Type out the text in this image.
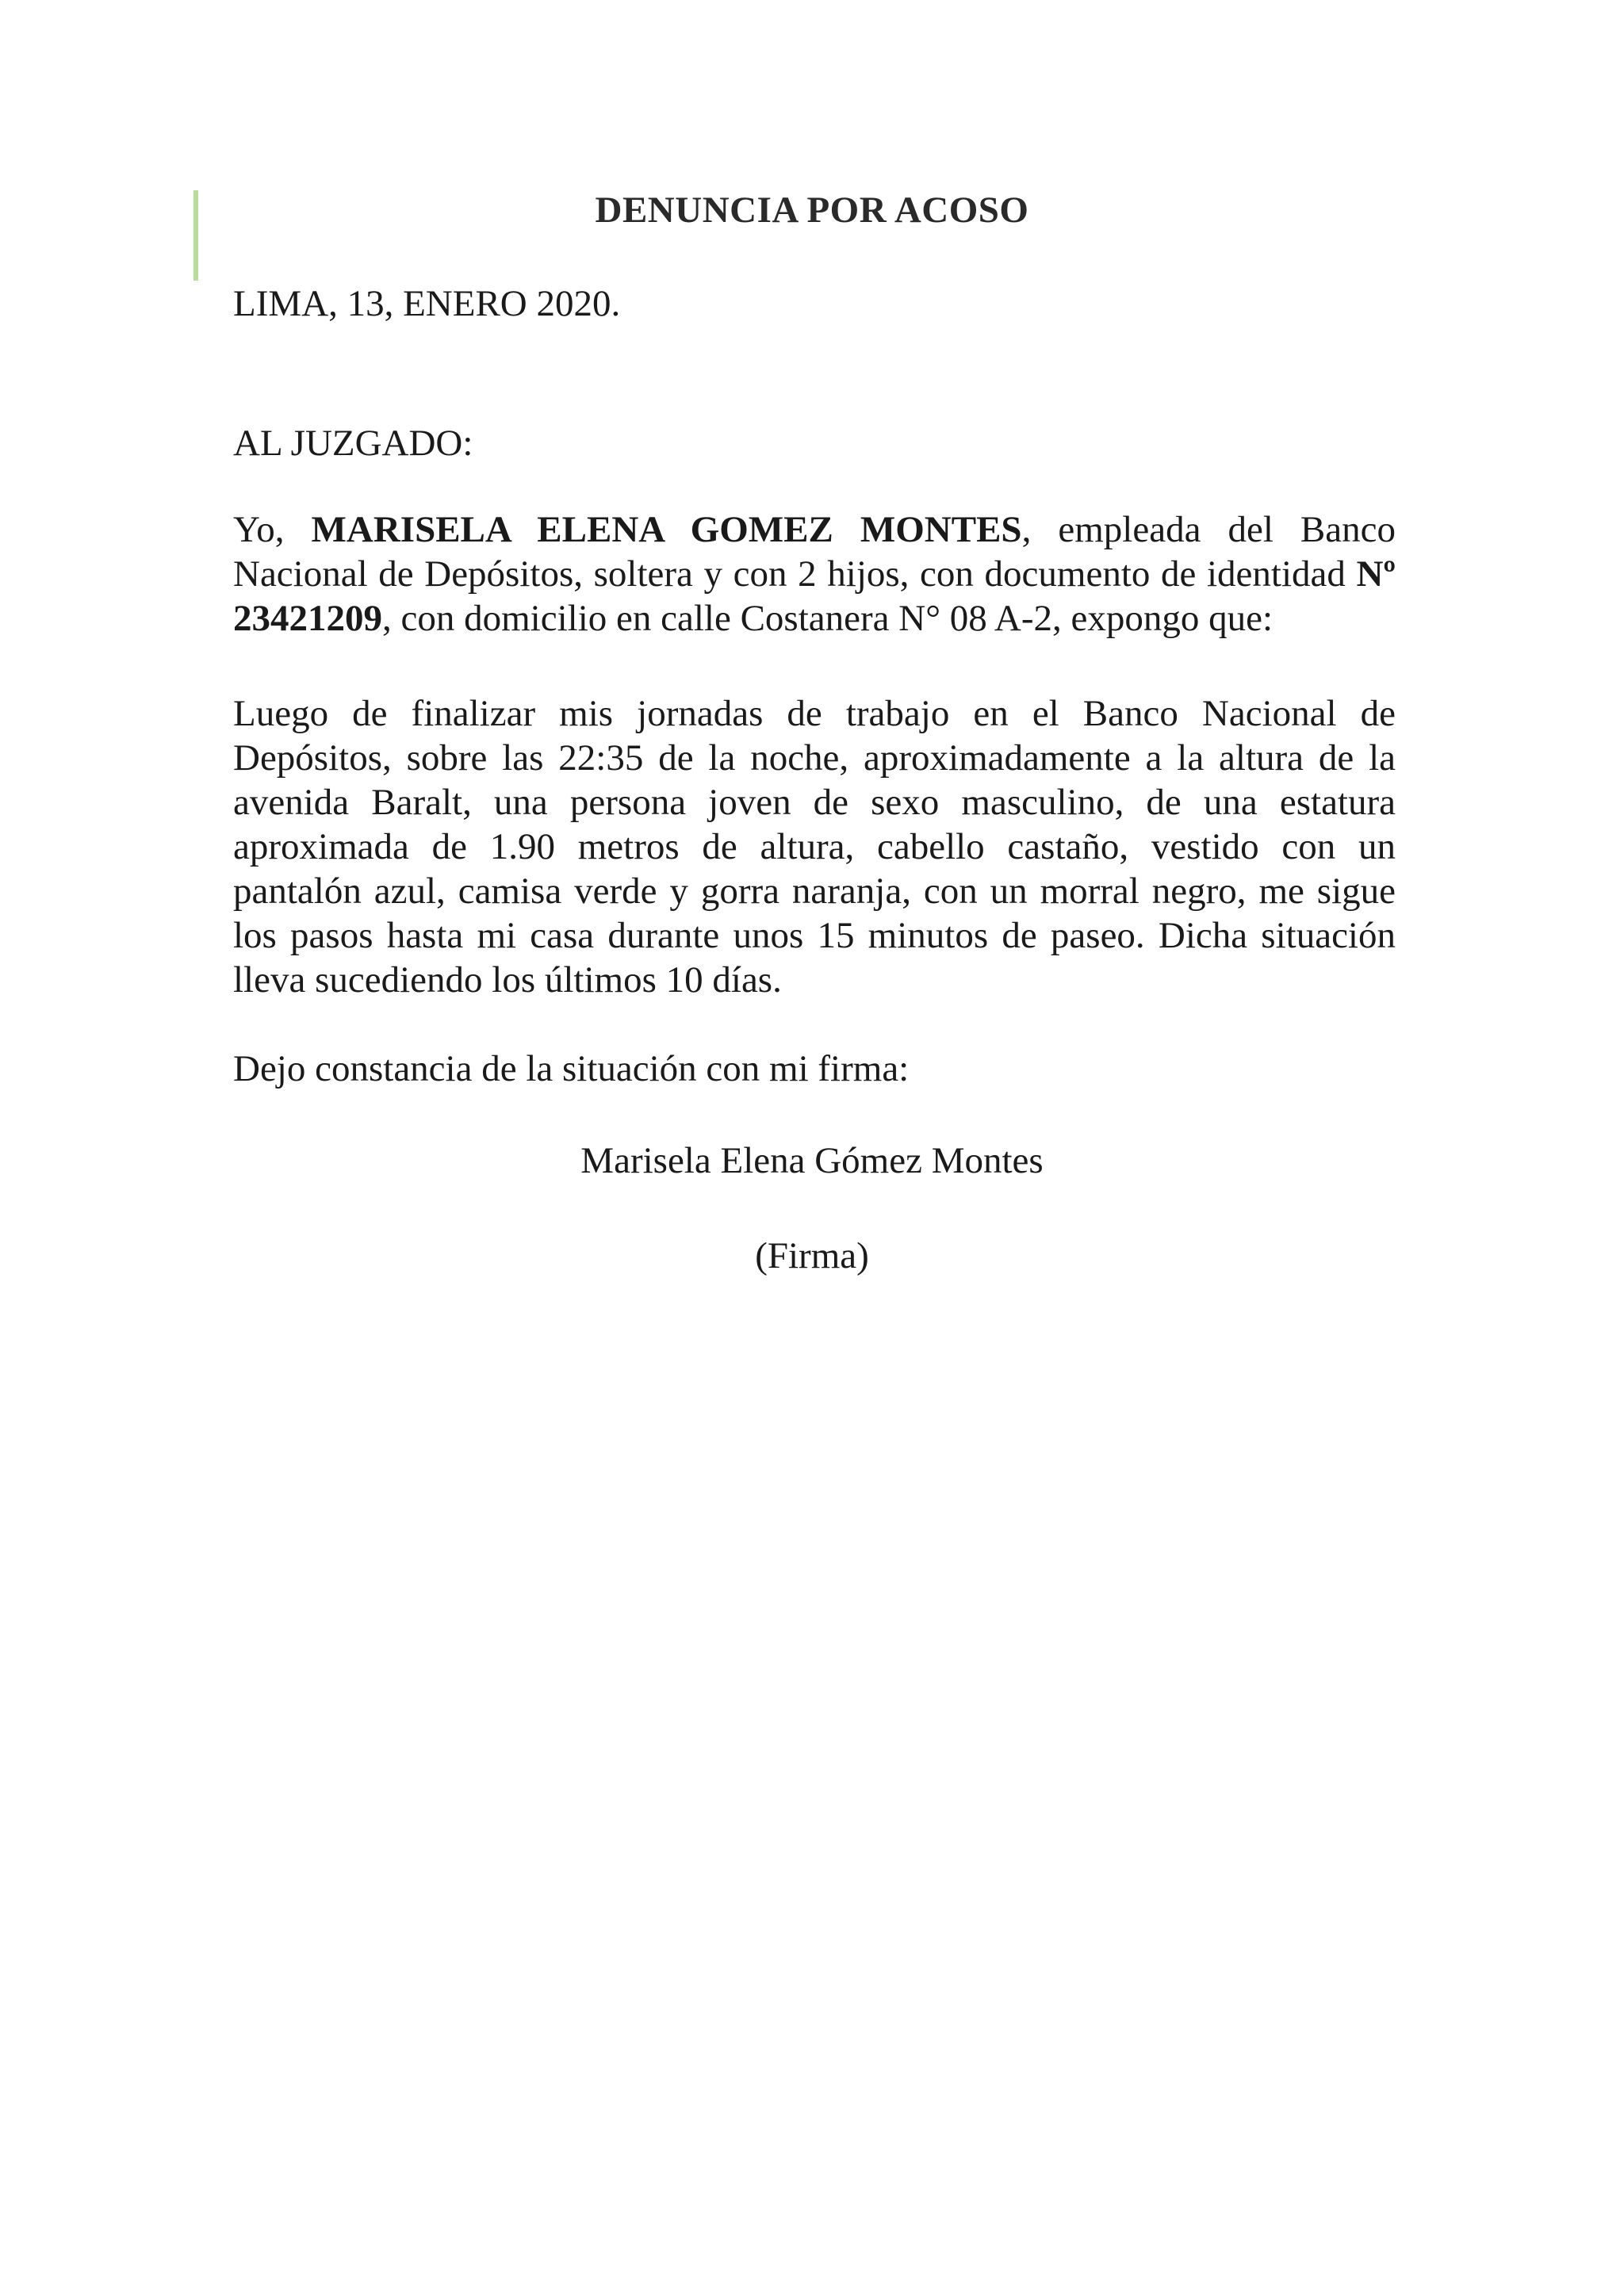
DENUNCIA POR ACOSO
LIMA, 13, ENERO 2020.
AL JUZGADO:
Yo, MARISELA ELENA GOMEZ MONTES, empleada del Banco Nacional de Depósitos, soltera y con 2 hijos, con documento de identidad Nº 23421209, con domicilio en calle Costanera N° 08 A-2, expongo que:
Luego de finalizar mis jornadas de trabajo en el Banco Nacional de Depósitos, sobre las 22:35 de la noche, aproximadamente a la altura de la avenida Baralt, una persona joven de sexo masculino, de una estatura aproximada de 1.90 metros de altura, cabello castaño, vestido con un pantalón azul, camisa verde y gorra naranja, con un morral negro, me sigue los pasos hasta mi casa durante unos 15 minutos de paseo. Dicha situación lleva sucediendo los últimos 10 días.
Dejo constancia de la situación con mi firma:
Marisela Elena Gómez Montes
(Firma)
